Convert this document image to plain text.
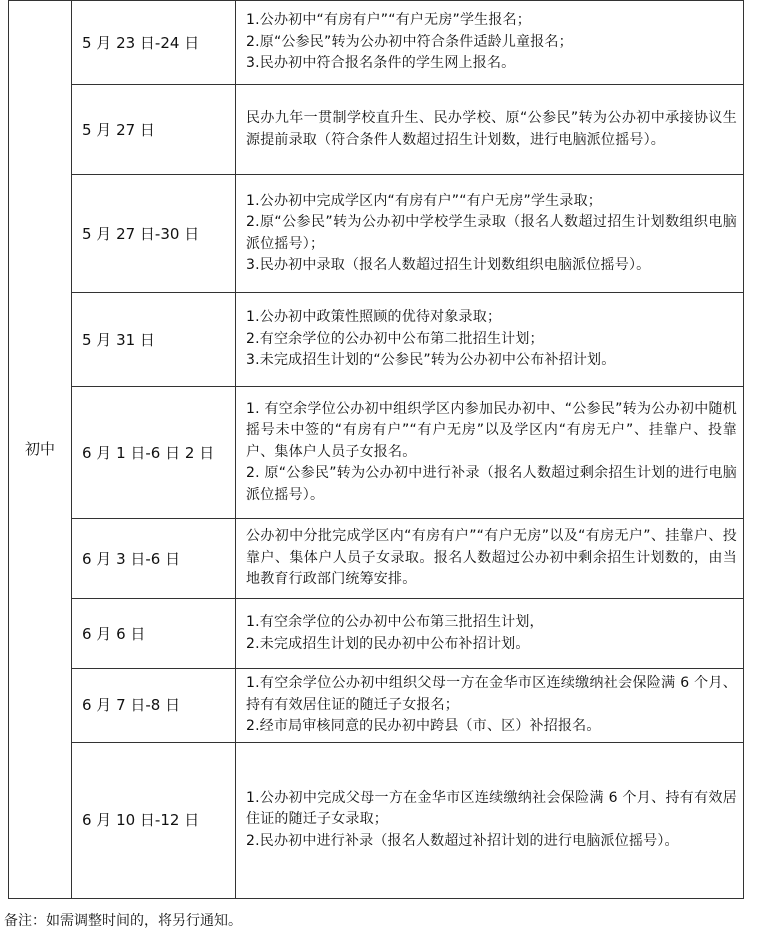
初中	5 月 23 日-24 日	1.公办初中“有房有户”“有户无房”学生报名；
2.原“公参民”转为公办初中符合条件适龄儿童报名；
3.民办初中符合报名条件的学生网上报名。

	5 月 27 日	民办九年一贯制学校直升生、民办学校、原“公参民”转为公办初中承接协议生源提前录取（符合条件人数超过招生计划数，进行电脑派位摇号）。

	5 月 27 日-30 日	1.公办初中完成学区内“有房有户”“有户无房”学生录取；
2.原“公参民”转为公办初中学校学生录取（报名人数超过招生计划数组织电脑派位摇号）；
3.民办初中录取（报名人数超过招生计划数组织电脑派位摇号）。

	5 月 31 日	1.公办初中政策性照顾的优待对象录取；
2.有空余学位的公办初中公布第二批招生计划；
3.未完成招生计划的“公参民”转为公办初中公布补招计划。

	6 月 1 日-6 日 2 日	1. 有空余学位公办初中组织学区内参加民办初中、“公参民”转为公办初中随机摇号未中签的“有房有户”“有户无房”以及学区内“有房无户”、挂靠户、投靠户、集体户人员子女报名。
2. 原“公参民”转为公办初中进行补录（报名人数超过剩余招生计划的进行电脑派位摇号）。

	6 月 3 日-6 日	公办初中分批完成学区内“有房有户”“有户无房”以及“有房无户”、挂靠户、投靠户、集体户人员子女录取。报名人数超过公办初中剩余招生计划数的，由当地教育行政部门统筹安排。

	6 月 6 日	1.有空余学位的公办初中公布第三批招生计划，
2.未完成招生计划的民办初中公布补招计划。

	6 月 7 日-8 日	1.有空余学位公办初中组织父母一方在金华市区连续缴纳社会保险满 6 个月、持有有效居住证的随迁子女报名；
2.经市局审核同意的民办初中跨县（市、区）补招报名。

	6 月 10 日-12 日	1.公办初中完成父母一方在金华市区连续缴纳社会保险满 6 个月、持有有效居住证的随迁子女录取；
2.民办初中进行补录（报名人数超过补招计划的进行电脑派位摇号）。
备注：如需调整时间的，将另行通知。
